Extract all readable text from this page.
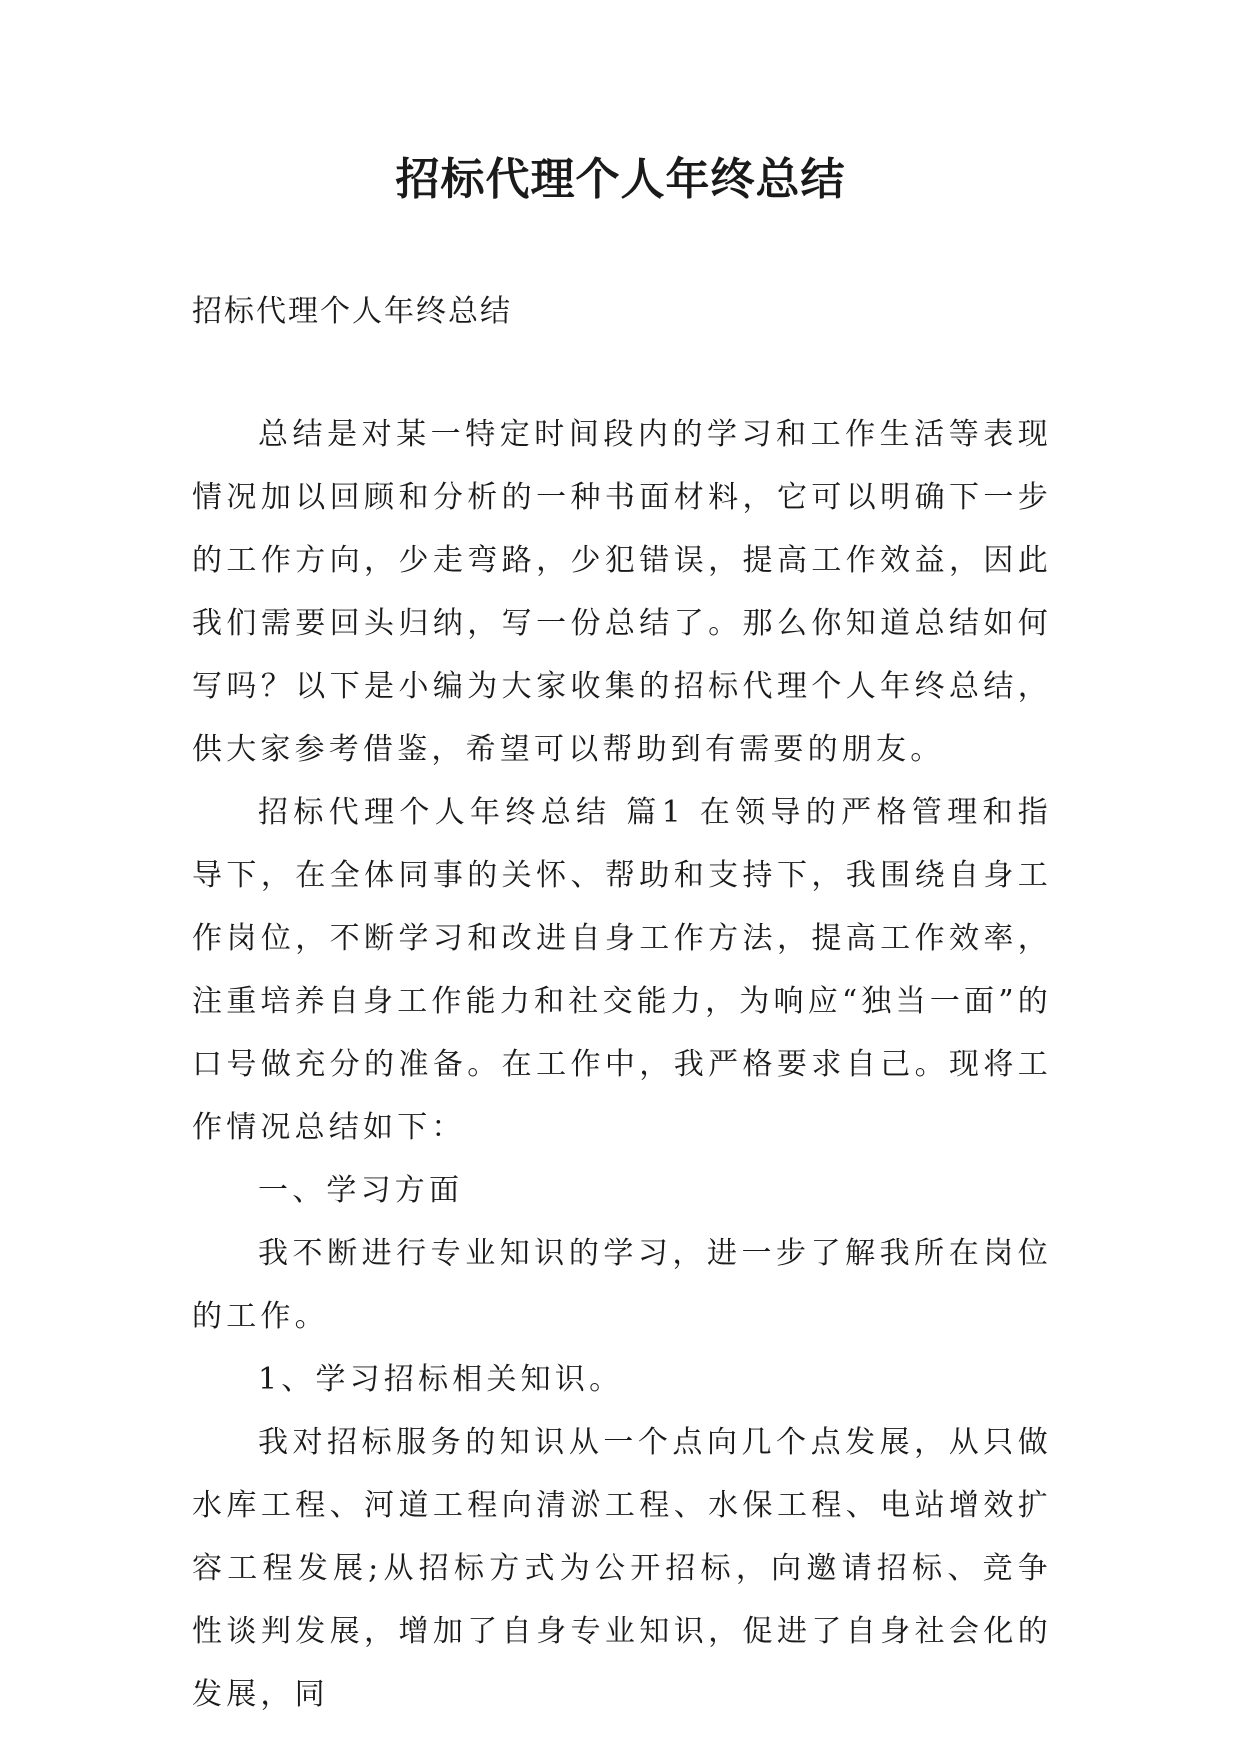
招标代理个人年终总结

招标代理个人年终总结

总结是对某一特定时间段内的学习和工作生活等表现情况加以回顾和分析的一种书面材料，它可以明确下一步的工作方向，少走弯路，少犯错误，提高工作效益，因此我们需要回头归纳，写一份总结了。那么你知道总结如何写吗？以下是小编为大家收集的招标代理个人年终总结，供大家参考借鉴，希望可以帮助到有需要的朋友。

招标代理个人年终总结 篇1 在领导的严格管理和指导下，在全体同事的关怀、帮助和支持下，我围绕自身工作岗位，不断学习和改进自身工作方法，提高工作效率，注重培养自身工作能力和社交能力，为响应“独当一面”的口号做充分的准备。在工作中，我严格要求自己。现将工作情况总结如下：

一、学习方面

我不断进行专业知识的学习，进一步了解我所在岗位的工作。

1、学习招标相关知识。

我对招标服务的知识从一个点向几个点发展，从只做水库工程、河道工程向清淤工程、水保工程、电站增效扩容工程发展;从招标方式为公开招标，向邀请招标、竞争性谈判发展，增加了自身专业知识，促进了自身社会化的发展，同
